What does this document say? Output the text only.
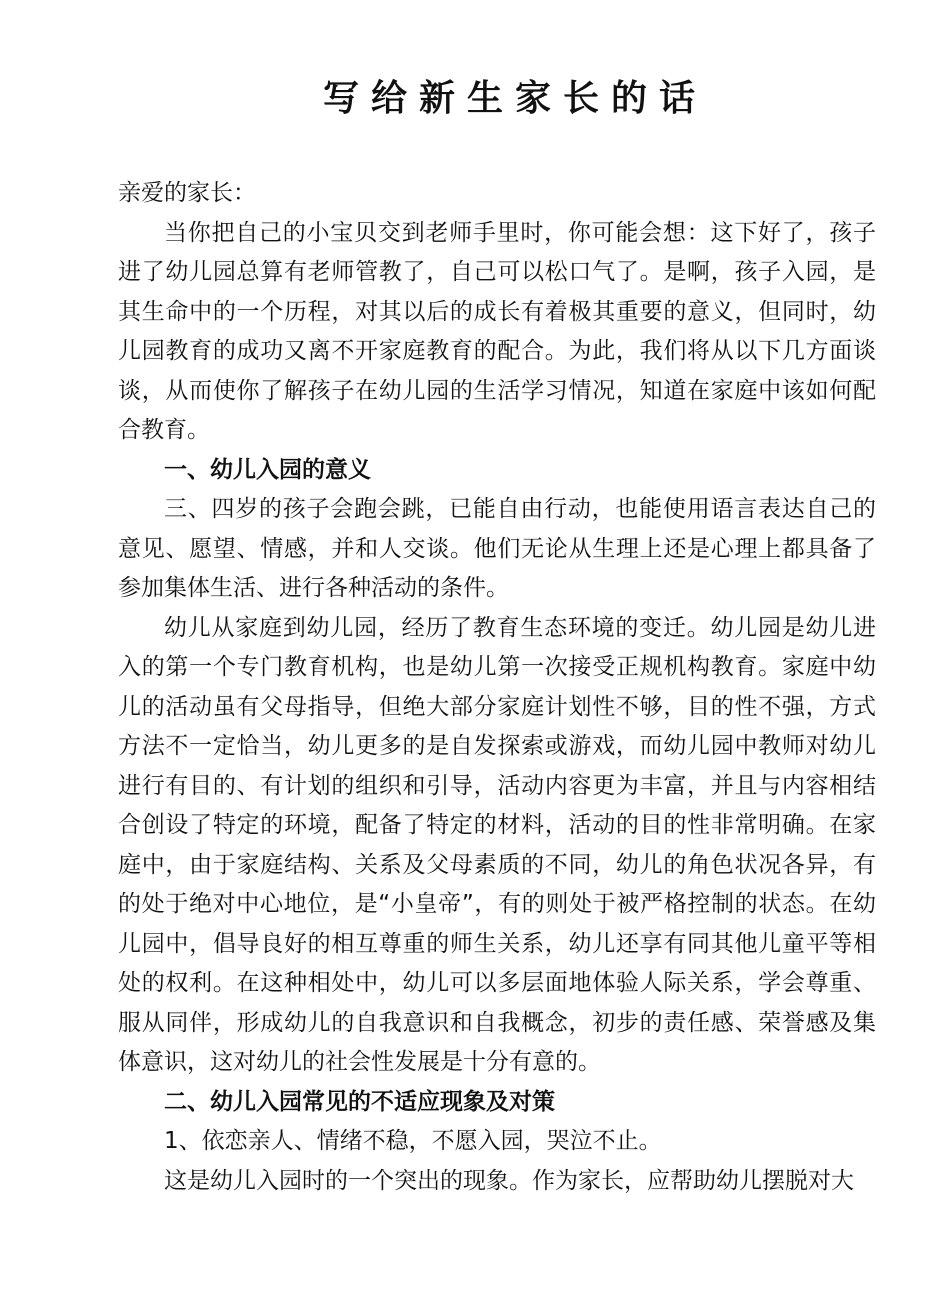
写给新生家长的话

亲爱的家长：

当你把自己的小宝贝交到老师手里时，你可能会想：这下好了，孩子进了幼儿园总算有老师管教了，自己可以松口气了。是啊，孩子入园，是其生命中的一个历程，对其以后的成长有着极其重要的意义，但同时，幼儿园教育的成功又离不开家庭教育的配合。为此，我们将从以下几方面谈谈，从而使你了解孩子在幼儿园的生活学习情况，知道在家庭中该如何配合教育。

一、幼儿入园的意义

三、四岁的孩子会跑会跳，已能自由行动，也能使用语言表达自己的意见、愿望、情感，并和人交谈。他们无论从生理上还是心理上都具备了参加集体生活、进行各种活动的条件。

幼儿从家庭到幼儿园，经历了教育生态环境的变迁。幼儿园是幼儿进入的第一个专门教育机构，也是幼儿第一次接受正规机构教育。家庭中幼儿的活动虽有父母指导，但绝大部分家庭计划性不够，目的性不强，方式方法不一定恰当，幼儿更多的是自发探索或游戏，而幼儿园中教师对幼儿进行有目的、有计划的组织和引导，活动内容更为丰富，并且与内容相结合创设了特定的环境，配备了特定的材料，活动的目的性非常明确。在家庭中，由于家庭结构、关系及父母素质的不同，幼儿的角色状况各异，有的处于绝对中心地位，是“小皇帝”，有的则处于被严格控制的状态。在幼儿园中，倡导良好的相互尊重的师生关系，幼儿还享有同其他儿童平等相处的权利。在这种相处中，幼儿可以多层面地体验人际关系，学会尊重、服从同伴，形成幼儿的自我意识和自我概念，初步的责任感、荣誉感及集体意识，这对幼儿的社会性发展是十分有意的。

二、幼儿入园常见的不适应现象及对策

1、依恋亲人、情绪不稳，不愿入园，哭泣不止。

这是幼儿入园时的一个突出的现象。作为家长，应帮助幼儿摆脱对大
